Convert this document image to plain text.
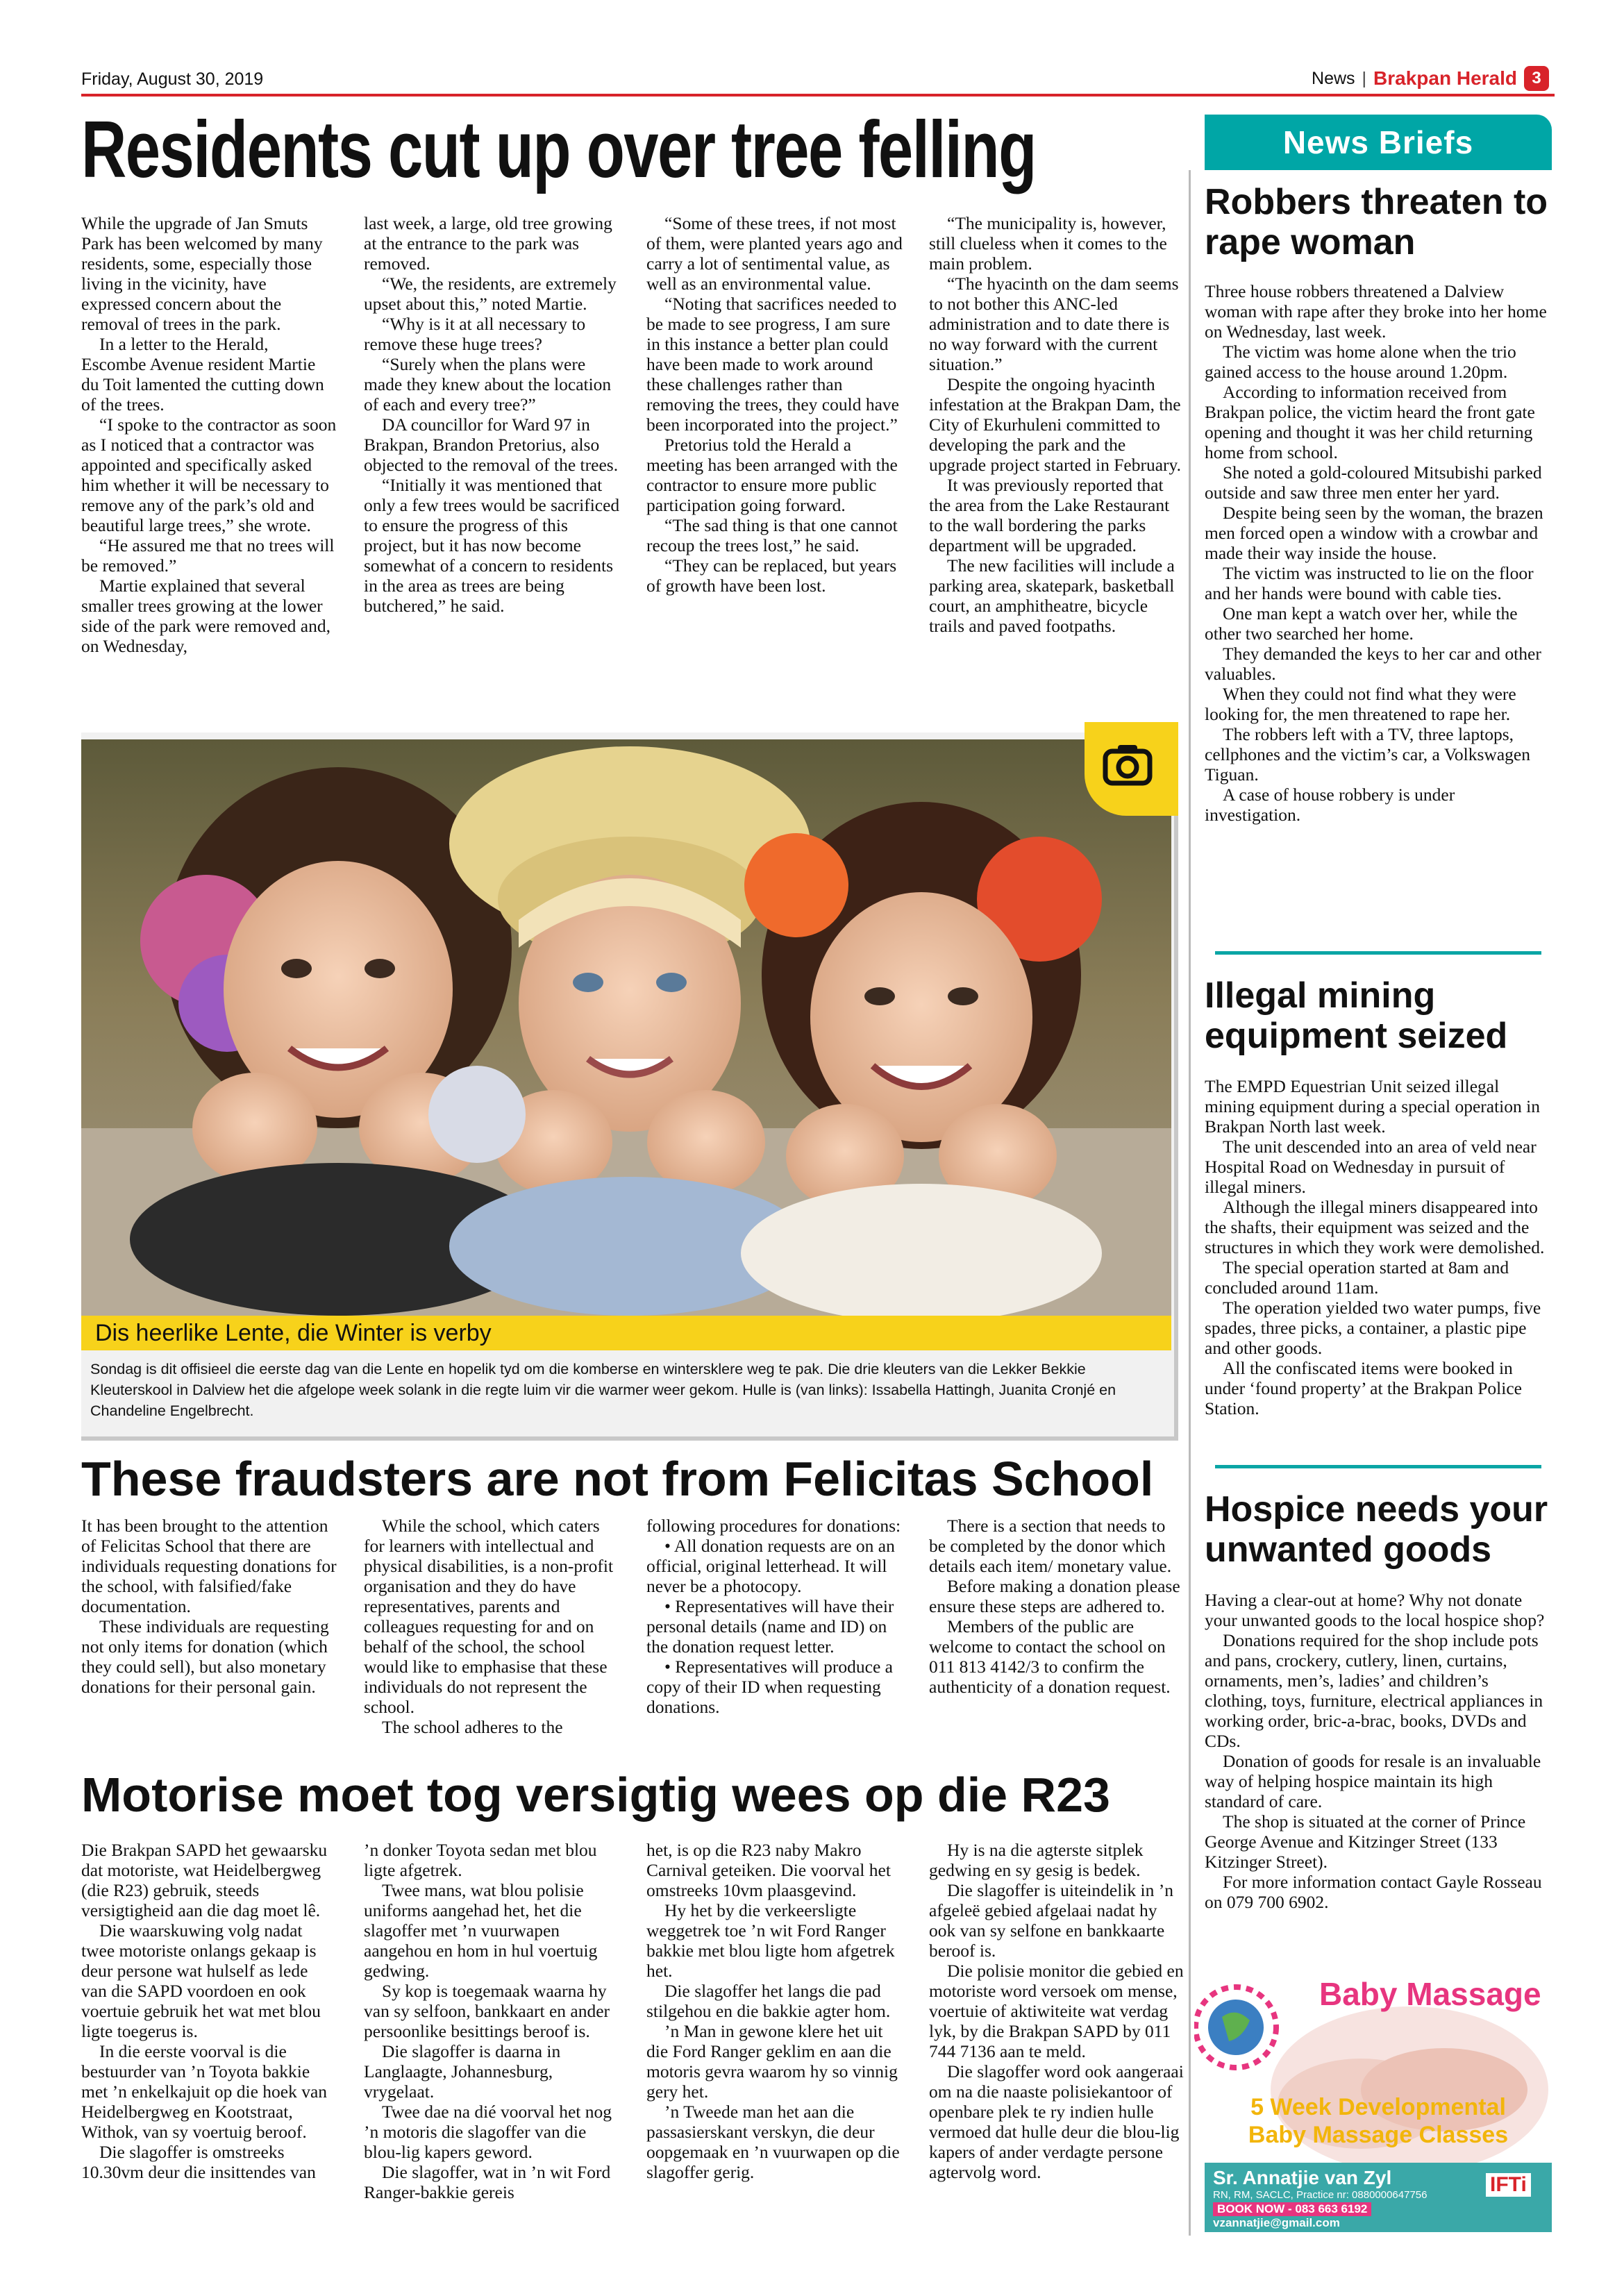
Friday, August 30, 2019	News | Brakpan Herald 3
Residents cut up over tree felling

While the upgrade of Jan Smuts Park has been welcomed by many residents, some, especially those living in the vicinity, have expressed concern about the removal of trees in the park.

In a letter to the Herald, Escombe Avenue resident Martie du Toit lamented the cutting down of the trees.

“I spoke to the contractor as soon as I noticed that a contractor was appointed and specifically asked him whether it will be necessary to remove any of the park’s old and beautiful large trees,” she wrote.

“He assured me that no trees will be removed.”

Martie explained that several smaller trees growing at the lower side of the park were removed and, on Wednesday,

last week, a large, old tree growing at the entrance to the park was removed.

“We, the residents, are extremely upset about this,” noted Martie.

“Why is it at all necessary to remove these huge trees?

“Surely when the plans were made they knew about the location of each and every tree?”

DA councillor for Ward 97 in Brakpan, Brandon Pretorius, also objected to the removal of the trees.

“Initially it was mentioned that only a few trees would be sacrificed to ensure the progress of this project, but it has now become somewhat of a concern to residents in the area as trees are being butchered,” he said.

“Some of these trees, if not most of them, were planted years ago and carry a lot of sentimental value, as well as an environmental value.

“Noting that sacrifices needed to be made to see progress, I am sure in this instance a better plan could have been made to work around these challenges rather than removing the trees, they could have been incorporated into the project.”

Pretorius told the Herald a meeting has been arranged with the contractor to ensure more public participation going forward.

“The sad thing is that one cannot recoup the trees lost,” he said.

“They can be replaced, but years of growth have been lost.

“The municipality is, however, still clueless when it comes to the main problem.

“The hyacinth on the dam seems to not bother this ANC-led administration and to date there is no way forward with the current situation.”

Despite the ongoing hyacinth infestation at the Brakpan Dam, the City of Ekurhuleni committed to developing the park and the upgrade project started in February.

It was previously reported that the area from the Lake Restaurant to the wall bordering the parks department will be upgraded.

The new facilities will include a parking area, skatepark, basketball court, an amphitheatre, bicycle trails and paved footpaths.

Dis heerlike Lente, die Winter is verby
Sondag is dit offisieel die eerste dag van die Lente en hopelik tyd om die komberse en wintersklere weg te pak. Die drie kleuters van die Lekker Bekkie Kleuterskool in Dalview het die afgelope week solank in die regte luim vir die warmer weer gekom. Hulle is (van links): Issabella Hattingh, Juanita Cronjé en Chandeline Engelbrecht.
These fraudsters are not from Felicitas School

It has been brought to the attention of Felicitas School that there are individuals requesting donations for the school, with falsified/fake documentation.

These individuals are requesting not only items for donation (which they could sell), but also monetary donations for their personal gain.

While the school, which caters for learners with intellectual and physical disabilities, is a non-profit organisation and they do have representatives, parents and colleagues requesting for and on behalf of the school, the school would like to emphasise that these individuals do not represent the school.

The school adheres to the

following procedures for donations:

• All donation requests are on an official, original letterhead. It will never be a photocopy.

• Representatives will have their personal details (name and ID) on the donation request letter.

• Representatives will produce a copy of their ID when requesting donations.

There is a section that needs to be completed by the donor which details each item/ monetary value.

Before making a donation please ensure these steps are adhered to.

Members of the public are welcome to contact the school on 011 813 4142/3 to confirm the authenticity of a donation request.

Motorise moet tog versigtig wees op die R23

Die Brakpan SAPD het gewaarsku dat motoriste, wat Heidelbergweg (die R23) gebruik, steeds versigtigheid aan die dag moet lê.

Die waarskuwing volg nadat twee motoriste onlangs gekaap is deur persone wat hulself as lede van die SAPD voordoen en ook voertuie gebruik het wat met blou ligte toegerus is.

In die eerste voorval is die bestuurder van ’n Toyota bakkie met ’n enkelkajuit op die hoek van Heidelbergweg en Kootstraat, Withok, van sy voertuig beroof.

Die slagoffer is omstreeks 10.30vm deur die insittendes van

’n donker Toyota sedan met blou ligte afgetrek.

Twee mans, wat blou polisie uniforms aangehad het, het die slagoffer met ’n vuurwapen aangehou en hom in hul voertuig gedwing.

Sy kop is toegemaak waarna hy van sy selfoon, bankkaart en ander persoonlike besittings beroof is.

Die slagoffer is daarna in Langlaagte, Johannesburg, vrygelaat.

Twee dae na dié voorval het nog ’n motoris die slagoffer van die blou-lig kapers geword.

Die slagoffer, wat in ’n wit Ford Ranger-bakkie gereis

het, is op die R23 naby Makro Carnival geteiken. Die voorval het omstreeks 10vm plaasgevind.

Hy het by die verkeersligte weggetrek toe ’n wit Ford Ranger bakkie met blou ligte hom afgetrek het.

Die slagoffer het langs die pad stilgehou en die bakkie agter hom.

’n Man in gewone klere het uit die Ford Ranger geklim en aan die motoris gevra waarom hy so vinnig gery het.

’n Tweede man het aan die passasierskant verskyn, die deur oopgemaak en ’n vuurwapen op die slagoffer gerig.

Hy is na die agterste sitplek gedwing en sy gesig is bedek.

Die slagoffer is uiteindelik in ’n afgeleë gebied afgelaai nadat hy ook van sy selfone en bankkaarte beroof is.

Die polisie monitor die gebied en motoriste word versoek om mense, voertuie of aktiwiteite wat verdag lyk, by die Brakpan SAPD by 011 744 7136 aan te meld.

Die slagoffer word ook aangeraai om na die naaste polisiekantoor of openbare plek te ry indien hulle vermoed dat hulle deur die blou-lig kapers of ander verdagte persone agtervolg word.

News Briefs
Robbers threaten to rape woman

Three house robbers threatened a Dalview woman with rape after they broke into her home on Wednesday, last week.

The victim was home alone when the trio gained access to the house around 1.20pm.

According to information received from Brakpan police, the victim heard the front gate opening and thought it was her child returning home from school.

She noted a gold-coloured Mitsubishi parked outside and saw three men enter her yard.

Despite being seen by the woman, the brazen men forced open a window with a crowbar and made their way inside the house.

The victim was instructed to lie on the floor and her hands were bound with cable ties.

One man kept a watch over her, while the other two searched her home.

They demanded the keys to her car and other valuables.

When they could not find what they were looking for, the men threatened to rape her.

The robbers left with a TV, three laptops, cellphones and the victim’s car, a Volkswagen Tiguan.

A case of house robbery is under investigation.

Illegal mining equipment seized

The EMPD Equestrian Unit seized illegal mining equipment during a special operation in Brakpan North last week.

The unit descended into an area of veld near Hospital Road on Wednesday in pursuit of illegal miners.

Although the illegal miners disappeared into the shafts, their equipment was seized and the structures in which they work were demolished.

The special operation started at 8am and concluded around 11am.

The operation yielded two water pumps, five spades, three picks, a container, a plastic pipe and other goods.

All the confiscated items were booked in under ‘found property’ at the Brakpan Police Station.

Hospice needs your unwanted goods

Having a clear-out at home? Why not donate your unwanted goods to the local hospice shop?

Donations required for the shop include pots and pans, crockery, cutlery, linen, curtains, ornaments, men’s, ladies’ and children’s clothing, toys, furniture, electrical appliances in working order, bric-a-brac, books, DVDs and CDs.

Donation of goods for resale is an invaluable way of helping hospice maintain its high standard of care.

The shop is situated at the corner of Prince George Avenue and Kitzinger Street (133 Kitzinger Street).

For more information contact Gayle Rosseau on 079 700 6902.

Baby Massage
5 Week Developmental
Baby Massage Classes
Sr. Annatjie van Zyl
RN, RM, SACLC, Practice nr: 0880000647756
BOOK NOW - 083 663 6192
vzannatjie@gmail.com
IFTi
